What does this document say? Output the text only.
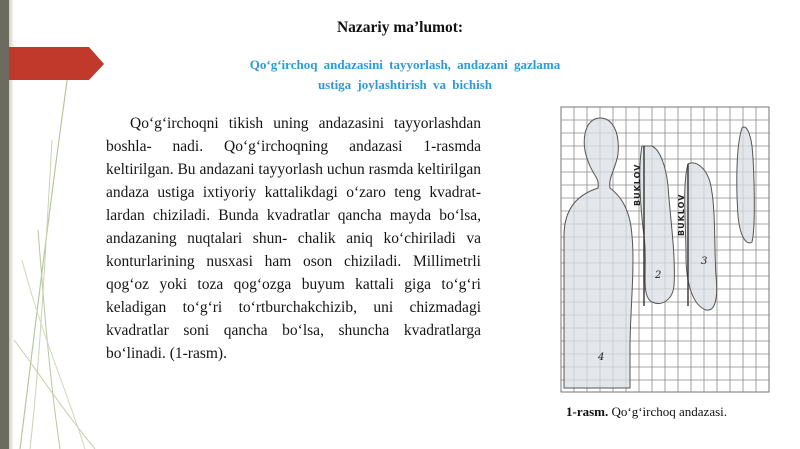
Nazariy ma’lumot:
Qo‘g‘irchoq andazasini tayyorlash, andazani gazlama
ustiga joylashtirish va bichish
Qo‘g‘irchoqni tikish uning andazasini tayyorlashdan boshla- nadi. Qo‘g‘irchoqning andazasi 1-rasmda keltirilgan. Bu andazani tayyorlash uchun rasmda keltirilgan andaza ustiga ixtiyoriy kattalikdagi o‘zaro teng kvadrat- lardan chiziladi. Bunda kvadratlar qancha mayda bo‘lsa, andazaning nuqtalari shun- chalik aniq ko‘chiriladi va konturlarining nusxasi ham oson chiziladi. Millimetrli qog‘oz yoki toza qog‘ozga buyum kattali giga to‘g‘ri keladigan to‘g‘ri to‘rtburchakchizib, uni chizmadagi kvadratlar soni qancha bo‘lsa, shuncha kvadratlarga bo‘linadi. (1-rasm).
BUKLOV
BUKLOV
2
3
4
1-rasm. Qo‘g‘irchoq andazasi.
